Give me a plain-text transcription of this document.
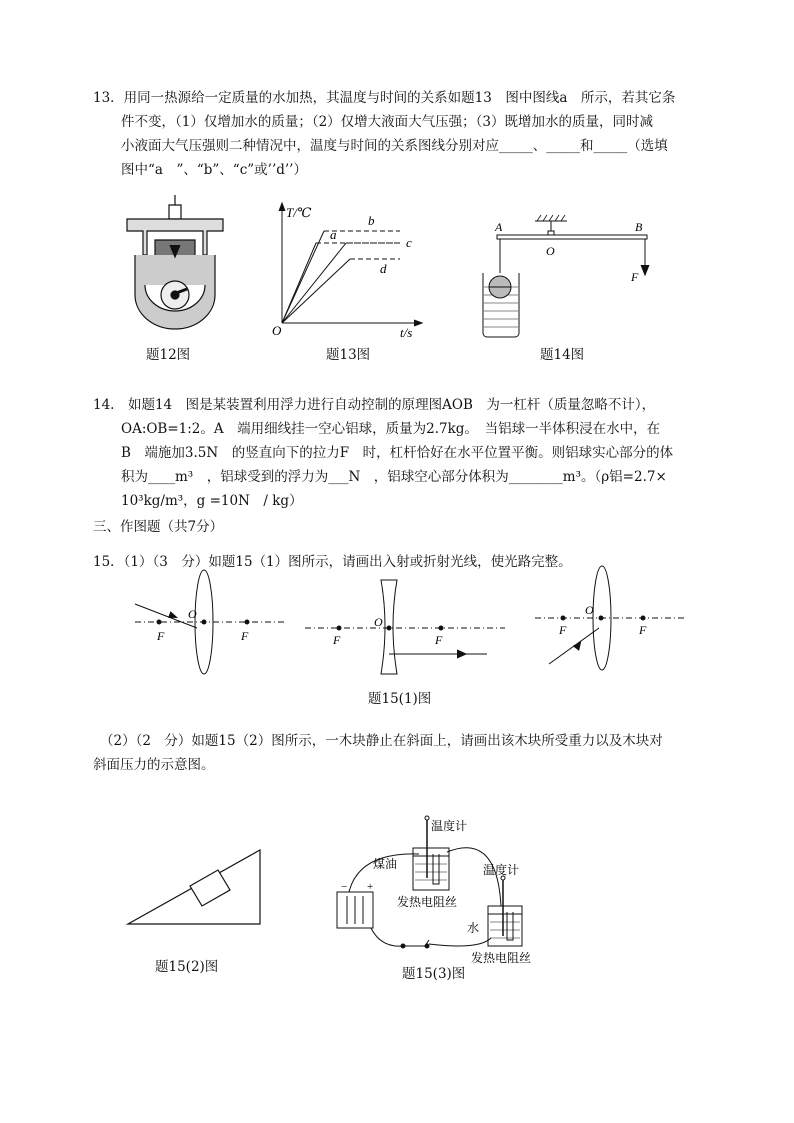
13．用同一热源给一定质量的水加热，其温度与时间的关系如题13　图中图线a　所示，若其它条
件不变，（1）仅增加水的质量；（2）仅增大液面大气压强；（3）既增加水的质量，同时减
小液面大气压强则二种情况中，温度与时间的关系图线分别对应_____、_____和_____（选填
图中“a　”、“b”、“c”或’’d’’）
题12图
T/℃
t/s
O
a
b
c
d
题13图
A	B
O
F
题14图
14.　如题14　图是某装置利用浮力进行自动控制的原理图AOB　为一杠杆（质量忽略不计），
OA:OB=1:2。A　端用细线挂一空心铝球，质量为2.7kg。　当铝球一半体积浸在水中，在
B　端施加3.5N　的竖直向下的拉力F　时，杠杆恰好在水平位置平衡。则铝球实心部分的体
积为____m³　，铝球受到的浮力为___N　，铝球空心部分体积为________m³。（ρ铝=2.7×
10³kg/m³，g =10N　/ kg）
三、作图题（共7分）
15．（1）（3　分）如题15（1）图所示，请画出入射或折射光线，使光路完整。
F
O
F	F
O
F
F
O
F
题15(1)图
（2）（2　分）如题15（2）图所示，一木块静止在斜面上，请画出该木块所受重力以及木块对
斜面压力的示意图。
题15(2)图
温度计
煤油
发热电阻丝
温度计
水
发热电阻丝
− +
题15(3)图
